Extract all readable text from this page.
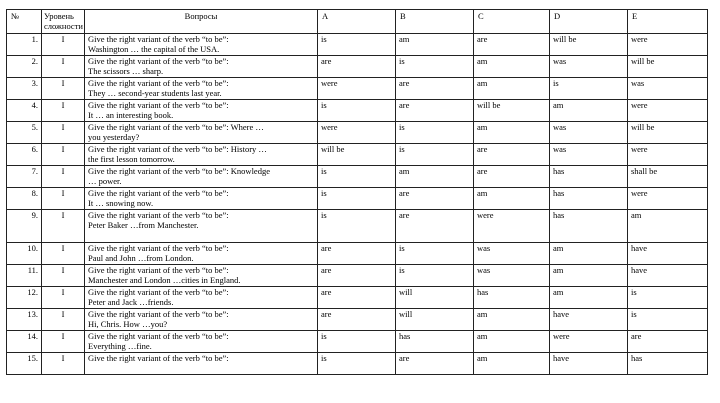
№	Уровень
сложности	Вопросы	A	B	C	D	E
1.	I	Give the right variant of the verb “to be”:
Washington … the capital of the USA.	is	am	are	will be	were
2.	I	Give the right variant of the verb “to be”:
The scissors … sharp.	are	is	am	was	will be
3.	I	Give the right variant of the verb “to be”:
They … second-year students last year.	were	are	am	is	was
4.	I	Give the right variant of the verb “to be”:
It … an interesting book.	is	are	will be	am	were
5.	I	Give the right variant of the verb “to be”: Where …
you yesterday?	were	is	am	was	will be
6.	I	Give the right variant of the verb “to be”: History …
the first lesson tomorrow.	will be	is	are	was	were
7.	I	Give the right variant of the verb “to be”: Knowledge
… power.	is	am	are	has	shall be
8.	I	Give the right variant of the verb “to be”:
It … snowing now.	is	are	am	has	were
9.	I	Give the right variant of the verb “to be”:
Peter Baker …from Manchester.	is	are	were	has	am
10.	I	Give the right variant of the verb “to be”:
Paul and John …from London.	are	is	was	am	have
11.	I	Give the right variant of the verb “to be”:
Manchester and London …cities in England.	are	is	was	am	have
12.	I	Give the right variant of the verb “to be”:
Peter and Jack …friends.	are	will	has	am	is
13.	I	Give the right variant of the verb “to be”:
Hi, Chris. How …you?	are	will	am	have	is
14.	I	Give the right variant of the verb “to be”:
Everything …fine.	is	has	am	were	are
15.	I	Give the right variant of the verb “to be”:	is	are	am	have	has
